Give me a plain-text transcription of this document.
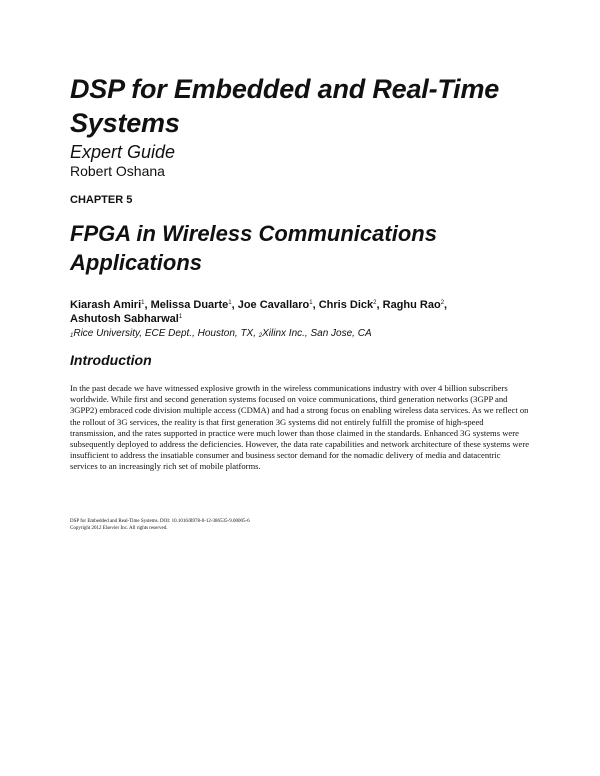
DSP for Embedded and Real-Time Systems
Expert Guide
Robert Oshana
CHAPTER 5
FPGA in Wireless Communications Applications
Kiarash Amiri$^1$, Melissa Duarte$^1$, Joe Cavallaro$^1$, Chris Dick$^2$, Raghu Rao$^2$,
Ashutosh Sabharwal$^1$
$_1$Rice University, ECE Dept., Houston, TX, $_2$Xilinx Inc., San Jose, CA
Introduction

In the past decade we have witnessed explosive growth in the wireless communications industry with over 4 billion subscribers worldwide. While first and second generation systems focused on voice communications, third generation networks (3GPP and 3GPP2) embraced code division multiple access (CDMA) and had a strong focus on enabling wireless data services. As we reflect on the rollout of 3G services, the reality is that first generation 3G systems did not entirely fulfill the promise of high-speed transmission, and the rates supported in practice were much lower than those claimed in the standards. Enhanced 3G systems were subsequently deployed to address the deficiencies. However, the data rate capabilities and network architecture of these systems were insufficient to address the insatiable consumer and business sector demand for the nomadic delivery of media and datacentric services to an increasingly rich set of mobile platforms.

DSP for Embedded and Real-Time Systems. DOI: 10.1016/B978-0-12-386535-9.00005-6
Copyright 2012 Elsevier Inc. All rights reserved.
